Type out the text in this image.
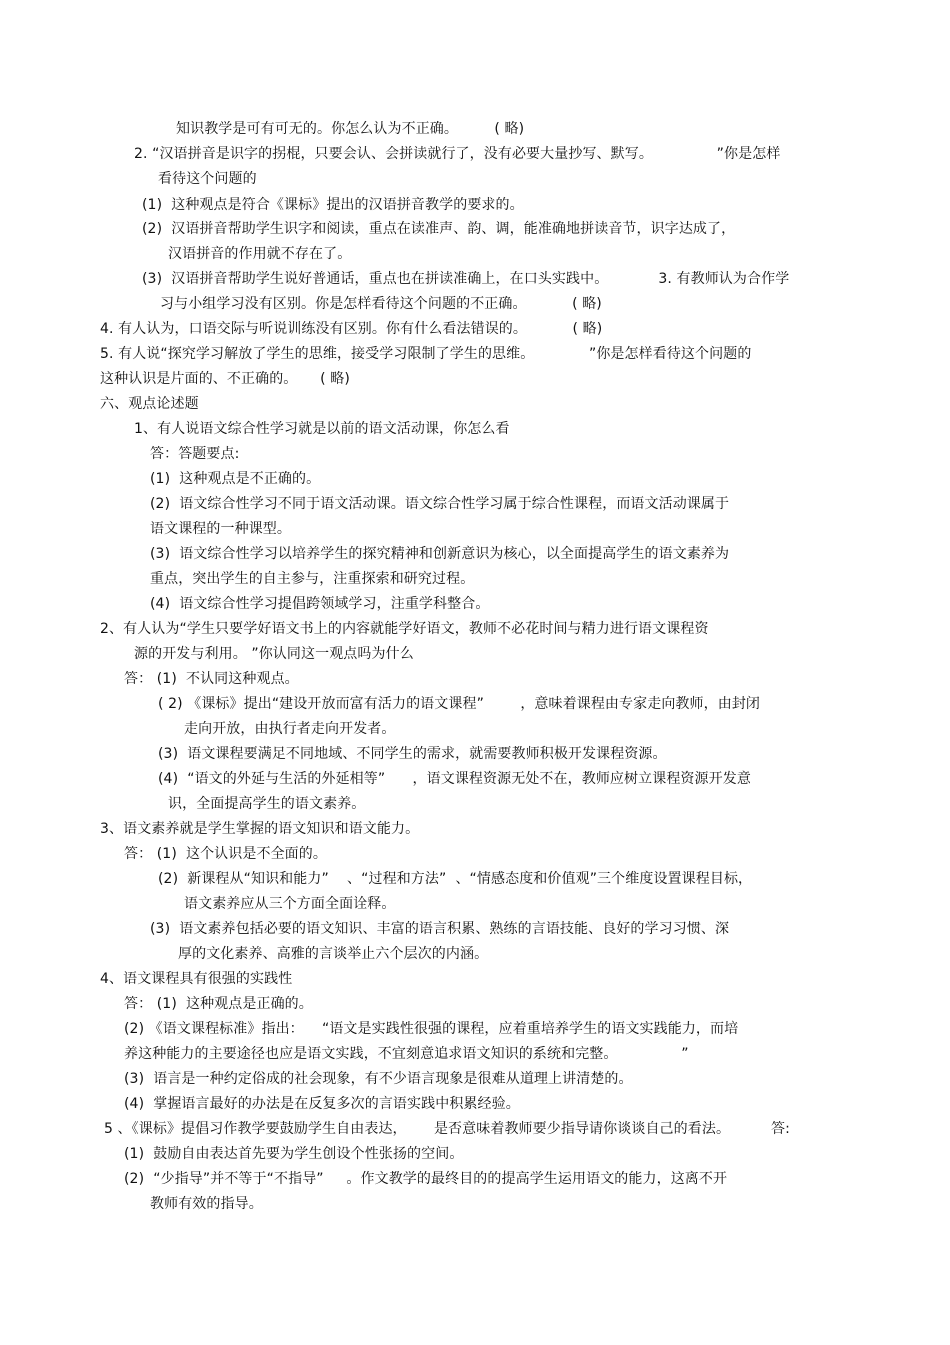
知识教学是可有可无的。你怎么认为不正确。        ( 略)
2. “汉语拼音是识字的拐棍，只要会认、会拼读就行了，没有必要大量抄写、默写。              ”你是怎样
看待这个问题的
(1)  这种观点是符合《课标》提出的汉语拼音教学的要求的。
(2)  汉语拼音帮助学生识字和阅读，重点在读准声、韵、调，能准确地拼读音节，识字达成了，
汉语拼音的作用就不存在了。
(3)  汉语拼音帮助学生说好普通话，重点也在拼读准确上，在口头实践中。           3. 有教师认为合作学
习与小组学习没有区别。你是怎样看待这个问题的不正确。          ( 略)
4. 有人认为，口语交际与听说训练没有区别。你有什么看法错误的。          ( 略)
5. 有人说“探究学习解放了学生的思维，接受学习限制了学生的思维。            ”你是怎样看待这个问题的
这种认识是片面的、不正确的。     ( 略)
六、观点论述题
1、有人说语文综合性学习就是以前的语文活动课，你怎么看
答：答题要点:
(1)  这种观点是不正确的。
(2)  语文综合性学习不同于语文活动课。语文综合性学习属于综合性课程，而语文活动课属于
语文课程的一种课型。
(3)  语文综合性学习以培养学生的探究精神和创新意识为核心，以全面提高学生的语文素养为
重点，突出学生的自主参与，注重探索和研究过程。
(4)  语文综合性学习提倡跨领域学习，注重学科整合。
2、有人认为“学生只要学好语文书上的内容就能学好语文，教师不必花时间与精力进行语文课程资
源的开发与利用。 ”你认同这一观点吗为什么
答： (1)  不认同这种观点。
( 2) 《课标》提出“建设开放而富有活力的语文课程”        ，意味着课程由专家走向教师，由封闭
走向开放，由执行者走向开发者。
(3)  语文课程要满足不同地域、不同学生的需求，就需要教师积极开发课程资源。
(4)  “语文的外延与生活的外延相等”      ，语文课程资源无处不在，教师应树立课程资源开发意
识，全面提高学生的语文素养。
3、语文素养就是学生掌握的语文知识和语文能力。
答： (1)  这个认识是不全面的。
(2)  新课程从“知识和能力”    、“过程和方法”  、“情感态度和价值观”三个维度设置课程目标，
语文素养应从三个方面全面诠释。
(3)  语文素养包括必要的语文知识、丰富的语言积累、熟练的言语技能、良好的学习习惯、深
厚的文化素养、高雅的言谈举止六个层次的内涵。
4、语文课程具有很强的实践性
答： (1)  这种观点是正确的。
(2) 《语文课程标准》指出：    “语文是实践性很强的课程，应着重培养学生的语文实践能力，而培
养这种能力的主要途径也应是语文实践，不宜刻意追求语文知识的系统和完整。              ”
(3)  语言是一种约定俗成的社会现象，有不少语言现象是很难从道理上讲清楚的。
(4)  掌握语言最好的办法是在反复多次的言语实践中积累经验。
5 、《课标》提倡习作教学要鼓励学生自由表达，      是否意味着教师要少指导请你谈谈自己的看法。         答:
(1)  鼓励自由表达首先要为学生创设个性张扬的空间。
(2)  “少指导”并不等于“不指导”     。作文教学的最终目的的提高学生运用语文的能力，这离不开
教师有效的指导。
